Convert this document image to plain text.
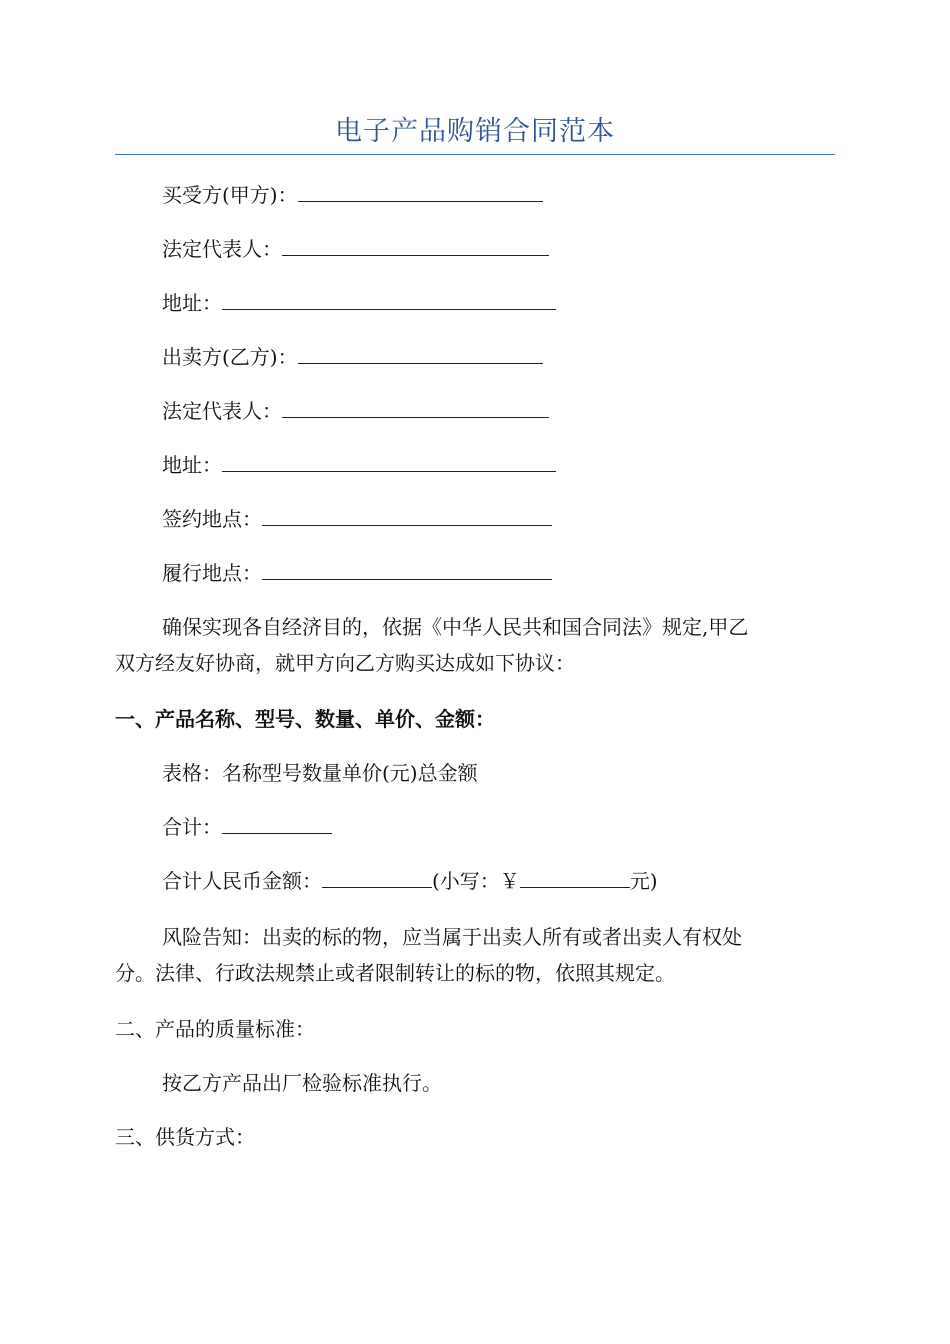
电子产品购销合同范本
买受方(甲方)：
法定代表人：
地址：
出卖方(乙方)：
法定代表人：
地址：
签约地点：
履行地点：
确保实现各自经济目的，依据《中华人民共和国合同法》规定,甲乙
双方经友好协商，就甲方向乙方购买达成如下协议：
一、产品名称、型号、数量、单价、金额：
表格：名称型号数量单价(元)总金额
合计：
合计人民币金额：	(小写：￥	元)
风险告知：出卖的标的物，应当属于出卖人所有或者出卖人有权处
分。法律、行政法规禁止或者限制转让的标的物，依照其规定。
二、产品的质量标准：
按乙方产品出厂检验标准执行。
三、供货方式：
